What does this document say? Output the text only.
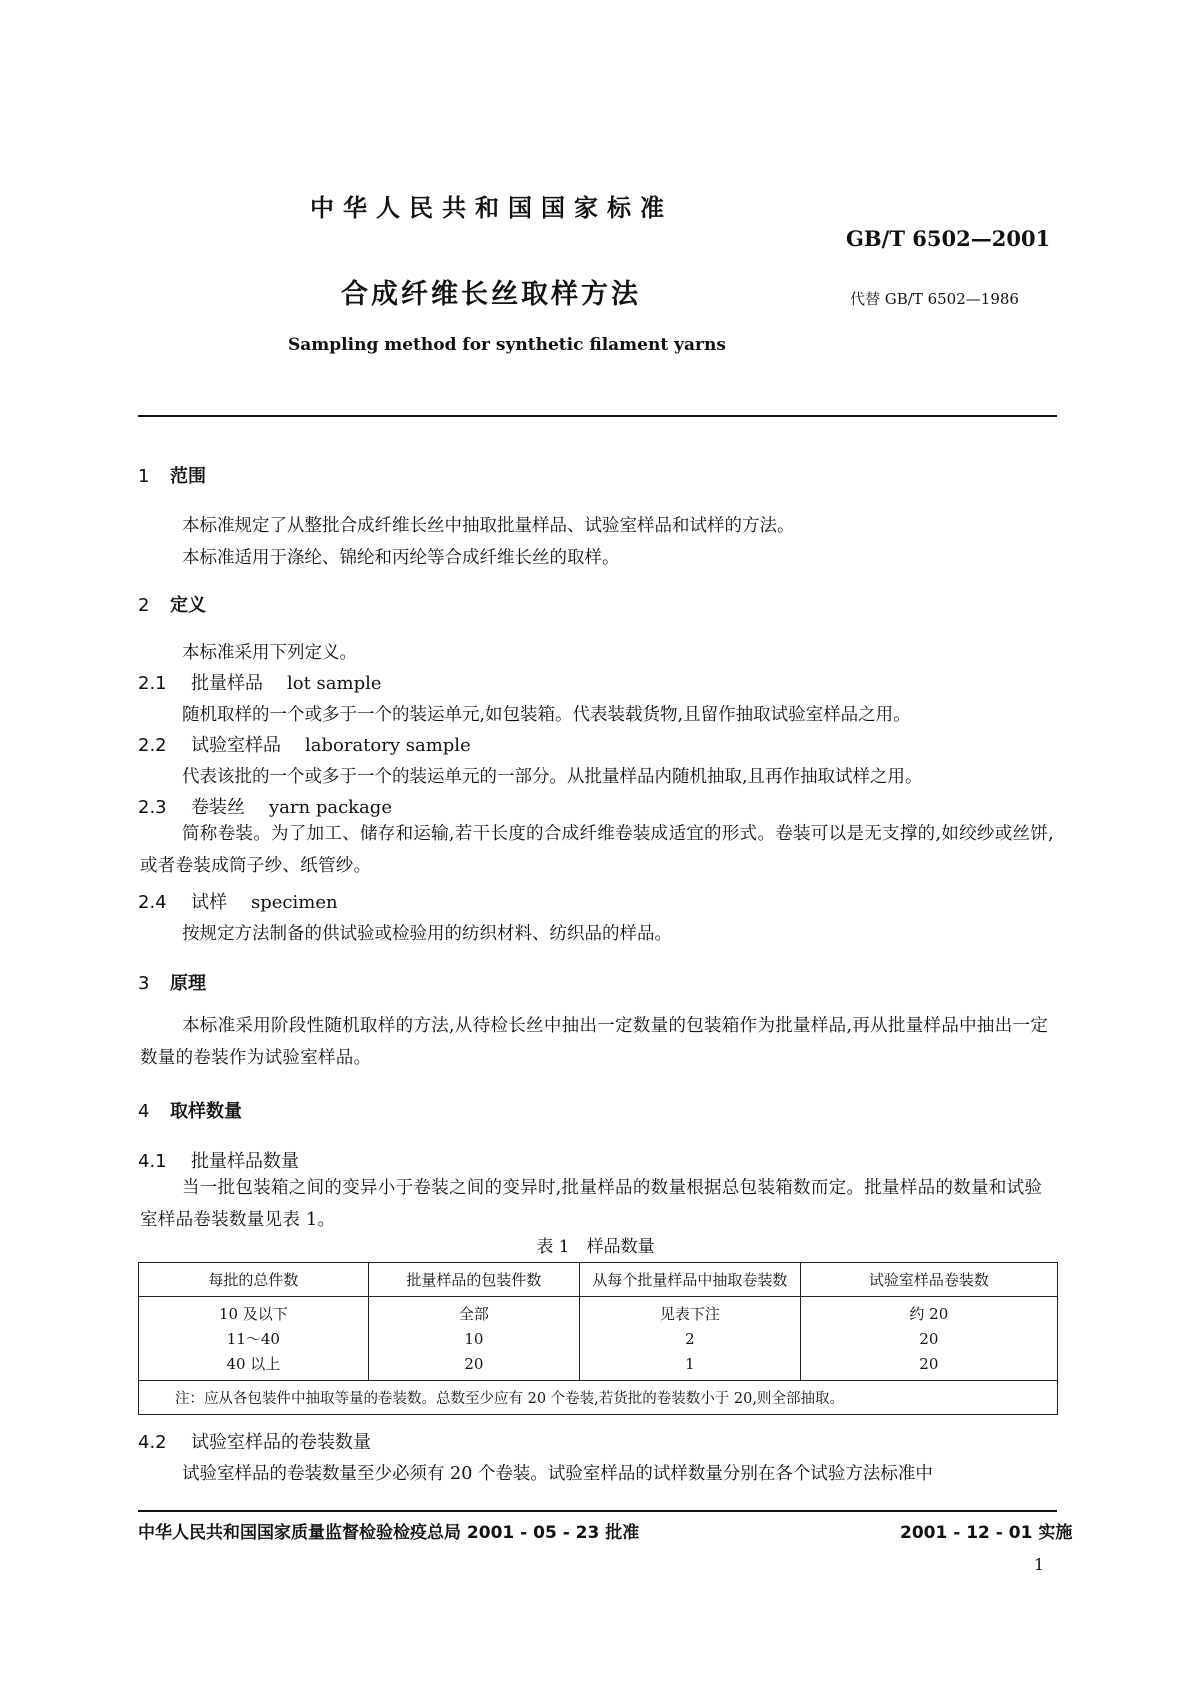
中华人民共和国国家标准
GB/T 6502—2001
合成纤维长丝取样方法	代替 GB/T 6502—1986
Sampling method for synthetic filament yarns
1 范围
本标准规定了从整批合成纤维长丝中抽取批量样品、试验室样品和试样的方法。
本标准适用于涤纶、锦纶和丙纶等合成纤维长丝的取样。
2 定义
本标准采用下列定义。
2.1 批量样品 lot sample
随机取样的一个或多于一个的装运单元,如包装箱。代表装载货物,且留作抽取试验室样品之用。
2.2 试验室样品 laboratory sample
代表该批的一个或多于一个的装运单元的一部分。从批量样品内随机抽取,且再作抽取试样之用。
2.3 卷装丝 yarn package
简称卷装。为了加工、储存和运输,若干长度的合成纤维卷装成适宜的形式。卷装可以是无支撑的,如绞纱或丝饼,或者卷装成筒子纱、纸管纱。
2.4 试样 specimen
按规定方法制备的供试验或检验用的纺织材料、纺织品的样品。
3 原理
本标准采用阶段性随机取样的方法,从待检长丝中抽出一定数量的包装箱作为批量样品,再从批量样品中抽出一定数量的卷装作为试验室样品。
4 取样数量
4.1 批量样品数量
当一批包装箱之间的变异小于卷装之间的变异时,批量样品的数量根据总包装箱数而定。批量样品的数量和试验室样品卷装数量见表 1。
表 1　样品数量
每批的总件数	批量样品的包装件数	从每个批量样品中抽取卷装数	试验室样品卷装数
10 及以下	全部	见表下注	约 20
11～40	10	2	20
40 以上	20	1	20
注：应从各包装件中抽取等量的卷装数。总数至少应有 20 个卷装,若货批的卷装数小于 20,则全部抽取。			
4.2 试验室样品的卷装数量
试验室样品的卷装数量至少必须有 20 个卷装。试验室样品的试样数量分别在各个试验方法标准中
中华人民共和国国家质量监督检验检疫总局 2001 - 05 - 23 批准	2001 - 12 - 01 实施
1
